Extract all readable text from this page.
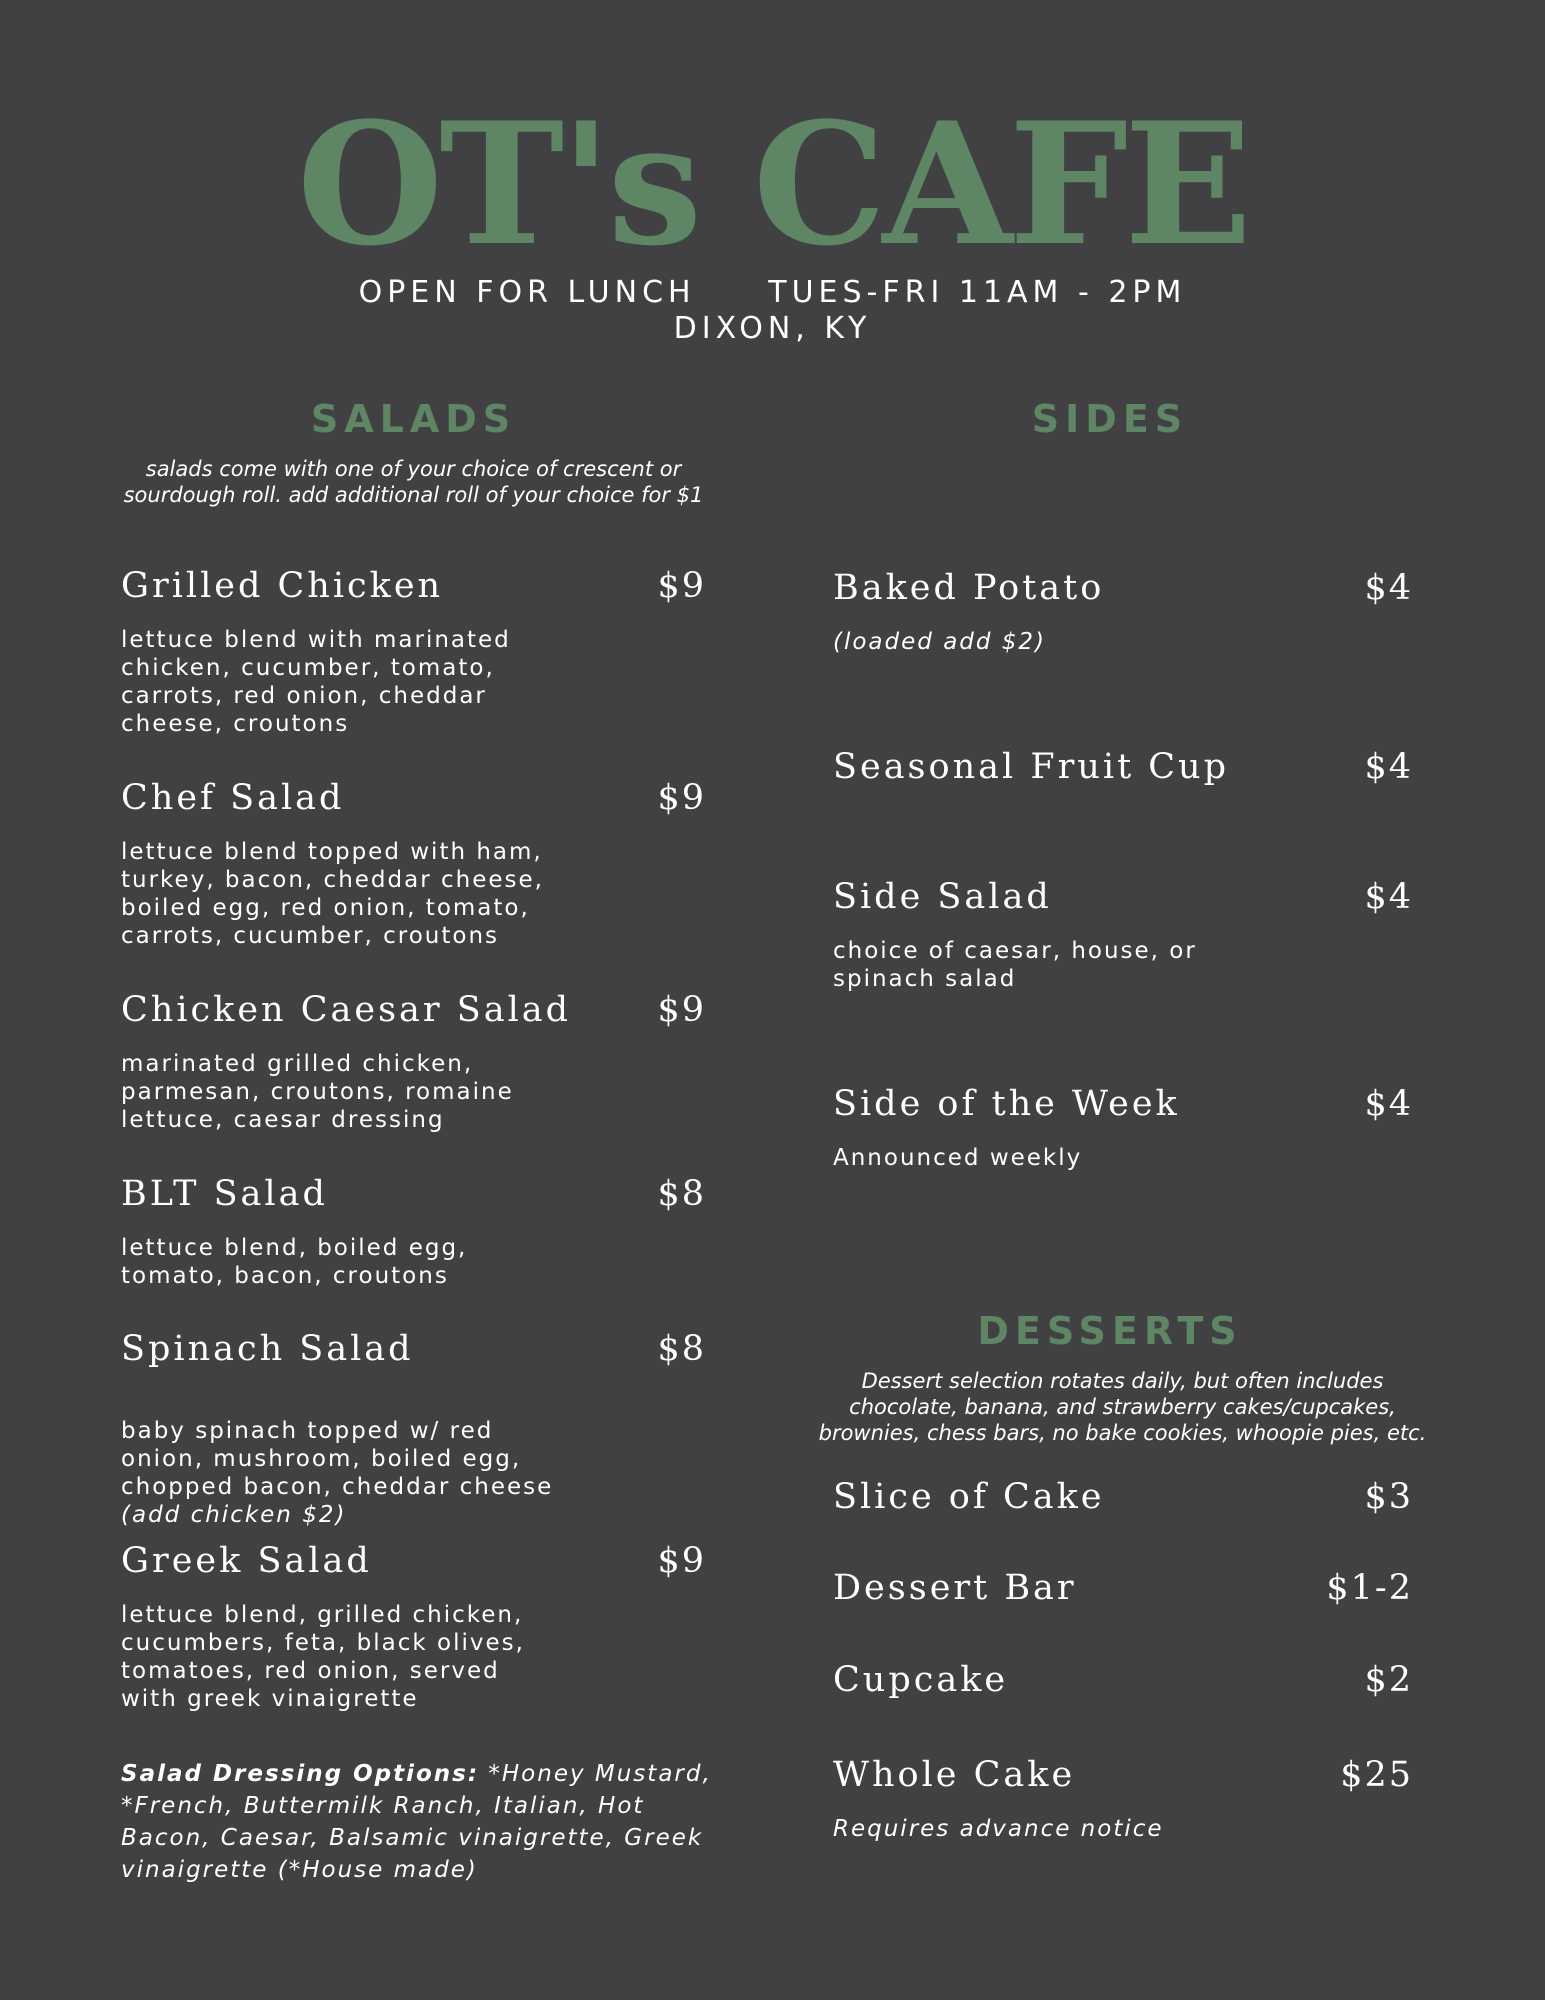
OT's CAFE
OPEN FOR LUNCH     TUES-FRI 11AM - 2PM
DIXON, KY
SALADS
salads come with one of your choice of crescent or sourdough roll. add additional roll of your choice for $1
Grilled Chicken	$9
lettuce blend with marinated
chicken, cucumber, tomato,
carrots, red onion, cheddar
cheese, croutons
Chef Salad	$9
lettuce blend topped with ham,
turkey, bacon, cheddar cheese,
boiled egg, red onion, tomato,
carrots, cucumber, croutons
Chicken Caesar Salad $9
marinated grilled chicken,
parmesan, croutons, romaine
lettuce, caesar dressing
BLT Salad	$8
lettuce blend, boiled egg,
tomato, bacon, croutons
Spinach Salad	$8

baby spinach topped w/ red
onion, mushroom, boiled egg,
chopped bacon, cheddar cheese

(add chicken $2)

Greek Salad	$9
lettuce blend, grilled chicken,
cucumbers, feta, black olives,
tomatoes, red onion, served
with greek vinaigrette
Salad Dressing Options: *Honey Mustard, *French, Buttermilk Ranch, Italian, Hot Bacon, Caesar, Balsamic vinaigrette, Greek vinaigrette (*House made)
SIDES
Baked Potato	$4
(loaded add $2)
Seasonal Fruit Cup	$4
Side Salad	$4
choice of caesar, house, or
spinach salad
Side of the Week	$4
Announced weekly
DESSERTS
Dessert selection rotates daily, but often includes chocolate, banana, and strawberry cakes/cupcakes, brownies, chess bars, no bake cookies, whoopie pies, etc.
Slice of Cake	$3
Dessert Bar	$1-2
Cupcake	$2
Whole Cake	$25
Requires advance notice
